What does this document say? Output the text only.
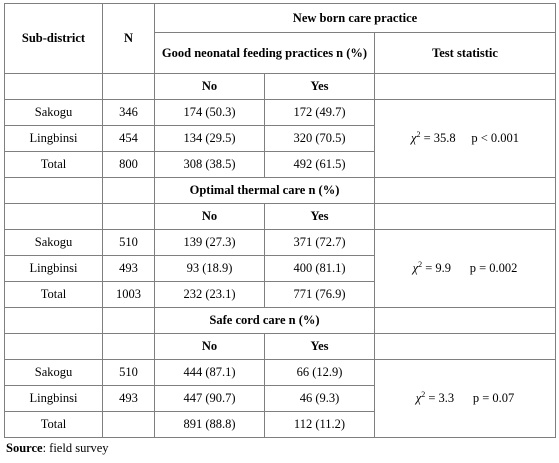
Sub-district	N	New born care practice		
		Good neonatal feeding practices n (%)		Test statistic
		No	Yes	
Sakogu	346	174 (50.3)	172 (49.7)	$\chi^2 = 35.8$ p < 0.001
Lingbinsi	454	134 (29.5)	320 (70.5)	
Total	800	308 (38.5)	492 (61.5)	
		Optimal thermal care n (%)		
		No	Yes	
Sakogu	510	139 (27.3)	371 (72.7)	$\chi^2 = 9.9$ p = 0.002
Lingbinsi	493	93 (18.9)	400 (81.1)	
Total	1003	232 (23.1)	771 (76.9)	
		Safe cord care n (%)		
		No	Yes	
Sakogu	510	444 (87.1)	66 (12.9)	$\chi^2 = 3.3$ p = 0.07
Lingbinsi	493	447 (90.7)	46 (9.3)	
Total		891 (88.8)	112 (11.2)	
Source: field survey
